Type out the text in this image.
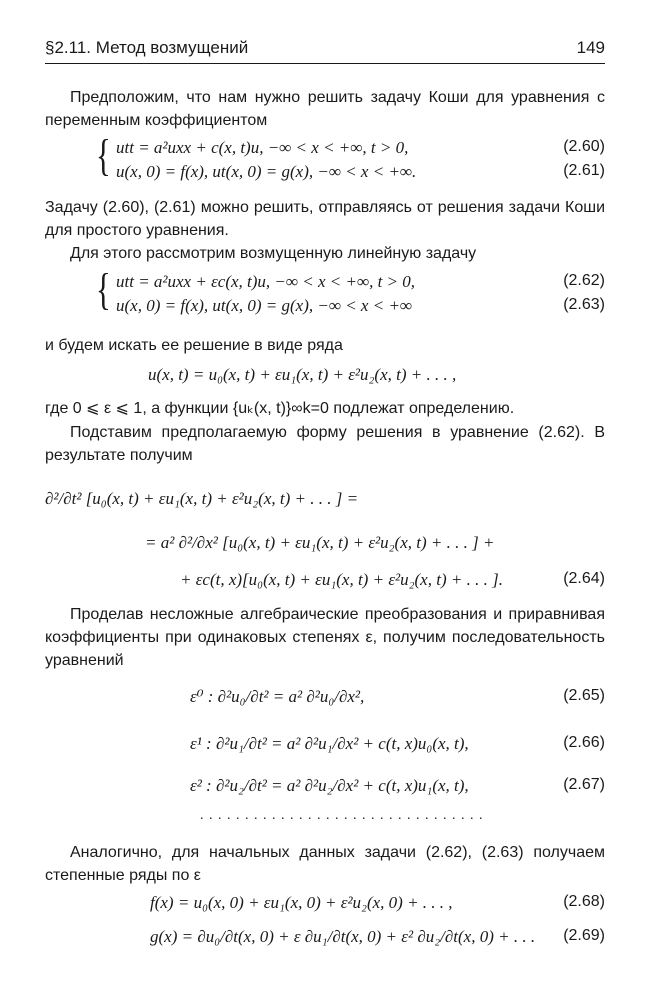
§2.11. Метод возмущений	149
Предположим, что нам нужно решить задачу Коши для уравнения с переменным коэффициентом
{ utt = a²uxx + c(x, t)u, −∞ < x < +∞, t > 0,	(2.60)
u(x, 0) = f(x), ut(x, 0) = g(x), −∞ < x < +∞.	(2.61)
Задачу (2.60), (2.61) можно решить, отправляясь от решения задачи Коши для простого уравнения.
Для этого рассмотрим возмущенную линейную задачу
{ utt = a²uxx + εc(x, t)u, −∞ < x < +∞, t > 0,	(2.62)
u(x, 0) = f(x), ut(x, 0) = g(x), −∞ < x < +∞	(2.63)
и будем искать ее решение в виде ряда
u(x, t) = u₀(x, t) + εu₁(x, t) + ε²u₂(x, t) + . . . ,
где 0 ⩽ ε ⩽ 1, а функции {uₖ(x, t)}∞k=0 подлежат определению.
Подставим предполагаемую форму решения в уравнение (2.62). В результате получим
∂²/∂t² [u₀(x, t) + εu₁(x, t) + ε²u₂(x, t) + . . . ] =
= a² ∂²/∂x² [u₀(x, t) + εu₁(x, t) + ε²u₂(x, t) + . . . ] +
+ εc(t, x)[u₀(x, t) + εu₁(x, t) + ε²u₂(x, t) + . . . ].	(2.64)
Проделав несложные алгебраические преобразования и приравнивая коэффициенты при одинаковых степенях ε, получим последовательность уравнений
ε⁰ : ∂²u₀/∂t² = a² ∂²u₀/∂x²,	(2.65)
ε¹ : ∂²u₁/∂t² = a² ∂²u₁/∂x² + c(t, x)u₀(x, t),	(2.66)
ε² : ∂²u₂/∂t² = a² ∂²u₂/∂x² + c(t, x)u₁(x, t),	(2.67)
. . . . . . . . . . . . . . . . . . . . . . . . . . . . . . . .
Аналогично, для начальных данных задачи (2.62), (2.63) получаем степенные ряды по ε
f(x) = u₀(x, 0) + εu₁(x, 0) + ε²u₂(x, 0) + . . . ,	(2.68)
g(x) = ∂u₀/∂t(x, 0) + ε ∂u₁/∂t(x, 0) + ε² ∂u₂/∂t(x, 0) + . . . (2.69)
